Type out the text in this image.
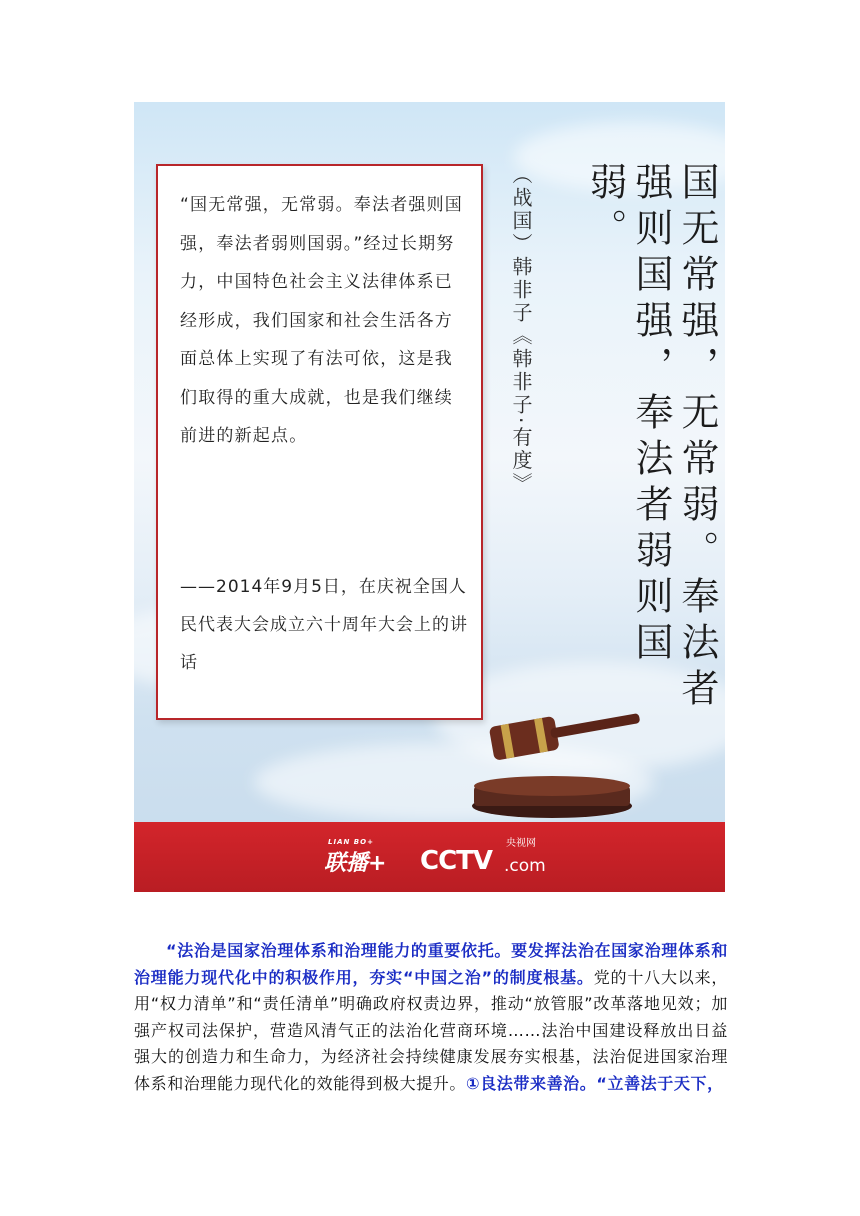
“国无常强，无常弱。奉法者强则国强，奉法者弱则国弱。”经过长期努力，中国特色社会主义法律体系已经形成，我们国家和社会生活各方面总体上实现了有法可依，这是我们取得的重大成就，也是我们继续前进的新起点。
——2014年9月5日，在庆祝全国人民代表大会成立六十周年大会上的讲话	国无常强，无常弱。奉法者强则国强，奉法者弱则国弱。
（战国）韩非子《韩非子·有度》
LIAN BO+
联播+
央视网
CCTV .com
“法治是国家治理体系和治理能力的重要依托。要发挥法治在国家治理体系和治理能力现代化中的积极作用，夯实“中国之治”的制度根基。党的十八大以来，用“权力清单”和“责任清单”明确政府权责边界，推动“放管服”改革落地见效；加强产权司法保护，营造风清气正的法治化营商环境……法治中国建设释放出日益强大的创造力和生命力，为经济社会持续健康发展夯实根基，法治促进国家治理体系和治理能力现代化的效能得到极大提升。①良法带来善治。“立善法于天下，
